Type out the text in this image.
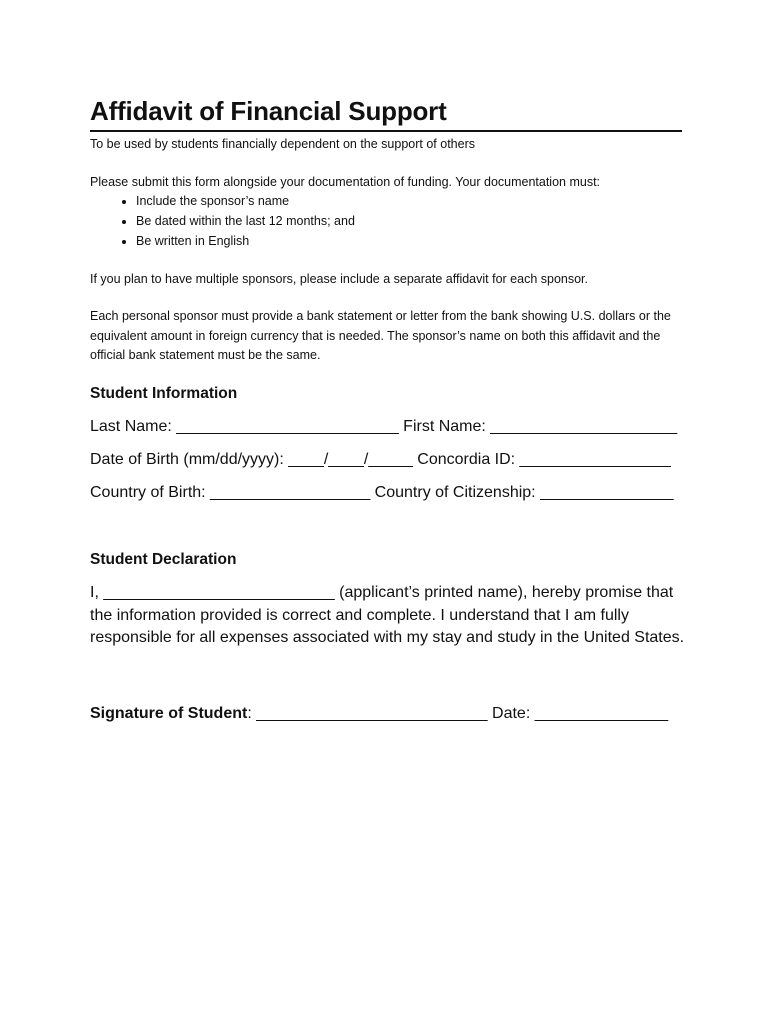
Affidavit of Financial Support
To be used by students financially dependent on the support of others
Please submit this form alongside your documentation of funding. Your documentation must:
• Include the sponsor’s name
• Be dated within the last 12 months; and
• Be written in English
If you plan to have multiple sponsors, please include a separate affidavit for each sponsor.
Each personal sponsor must provide a bank statement or letter from the bank showing U.S. dollars or the equivalent amount in foreign currency that is needed. The sponsor’s name on both this affidavit and the official bank statement must be the same.
Student Information
Last Name: _________________________ First Name: _____________________
Date of Birth (mm/dd/yyyy): ____/____/_____ Concordia ID: _________________
Country of Birth: __________________ Country of Citizenship: _______________
Student Declaration
I, __________________________ (applicant’s printed name), hereby promise that the information provided is correct and complete. I understand that I am fully responsible for all expenses associated with my stay and study in the United States.
Signature of Student: __________________________ Date: _______________
